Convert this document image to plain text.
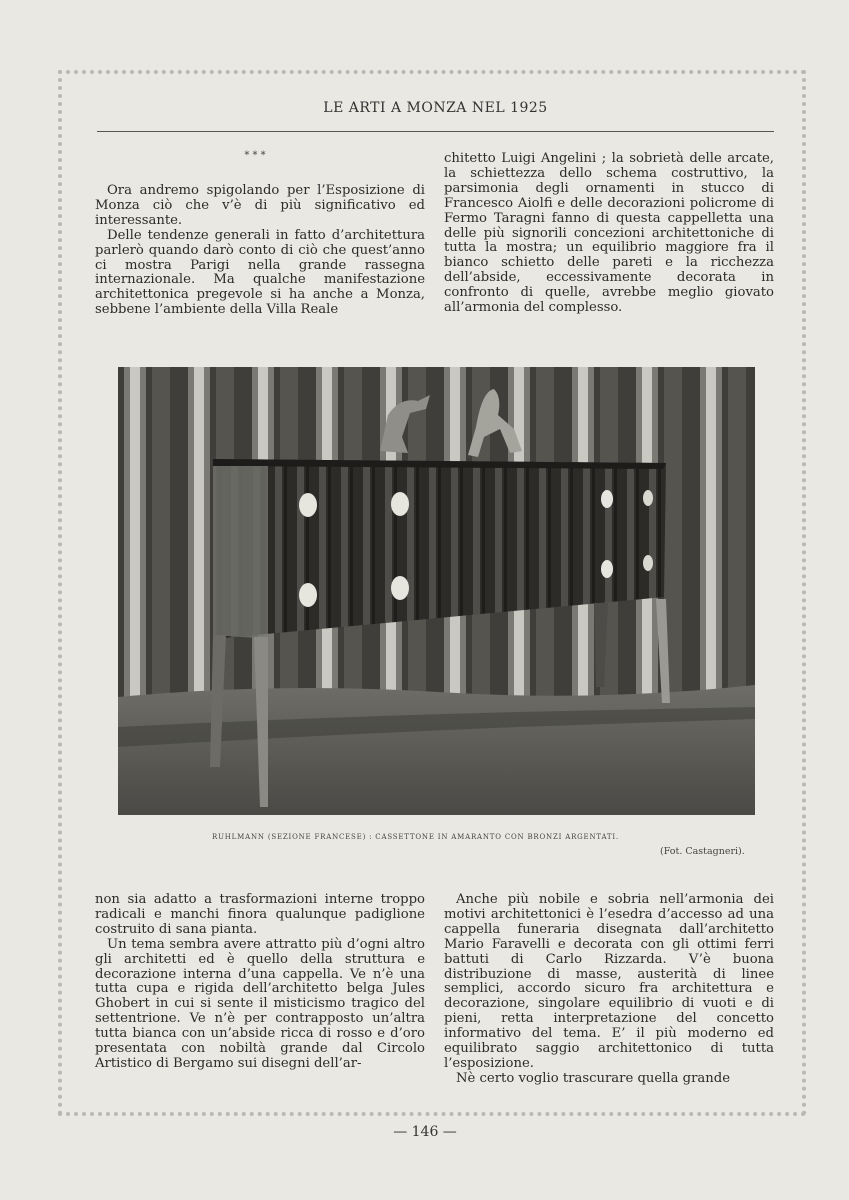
LE ARTI A MONZA NEL 1925
* * *

Ora andremo spigolando per l’Esposizione di Monza ciò che v’è di più significativo ed interessante.

Delle tendenze generali in fatto d’architettura parlerò quando darò conto di ciò che quest’anno ci mostra Parigi nella grande rassegna internazionale. Ma qualche manifestazione architettonica pregevole si ha anche a Monza, sebbene l’ambiente della Villa Reale

chitetto Luigi Angelini ; la sobrietà delle arcate, la schiettezza dello schema costruttivo, la parsimonia degli ornamenti in stucco di Francesco Aiolfi e delle decorazioni policrome di Fermo Taragni fanno di questa cappelletta una delle più signorili concezioni architettoniche di tutta la mostra; un equilibrio maggiore fra il bianco schietto delle pareti e la ricchezza dell’abside, eccessivamente decorata in confronto di quelle, avrebbe meglio giovato all’armonia del complesso.

RUHLMANN (SEZIONE FRANCESE) : CASSETTONE IN AMARANTO CON BRONZI ARGENTATI.
(Fot. Castagneri).

non sia adatto a trasformazioni interne troppo radicali e manchi finora qualunque padiglione costruito di sana pianta.

Un tema sembra avere attratto più d’ogni altro gli architetti ed è quello della struttura e decorazione interna d’una cappella. Ve n’è una tutta cupa e rigida dell’architetto belga Jules Ghobert in cui si sente il misticismo tragico del settentrione. Ve n’è per contrapposto un’altra tutta bianca con un’abside ricca di rosso e d’oro presentata con nobiltà grande dal Circolo Artistico di Bergamo sui disegni dell’ar-

Anche più nobile e sobria nell’armonia dei motivi architettonici è l’esedra d’accesso ad una cappella funeraria disegnata dall’architetto Mario Faravelli e decorata con gli ottimi ferri battuti di Carlo Rizzarda. V’è buona distribuzione di masse, austerità di linee semplici, accordo sicuro fra architettura e decorazione, singolare equilibrio di vuoti e di pieni, retta interpretazione del concetto informativo del tema. E’ il più moderno ed equilibrato saggio architettonico di tutta l’esposizione.

Nè certo voglio trascurare quella grande

— 146 —
